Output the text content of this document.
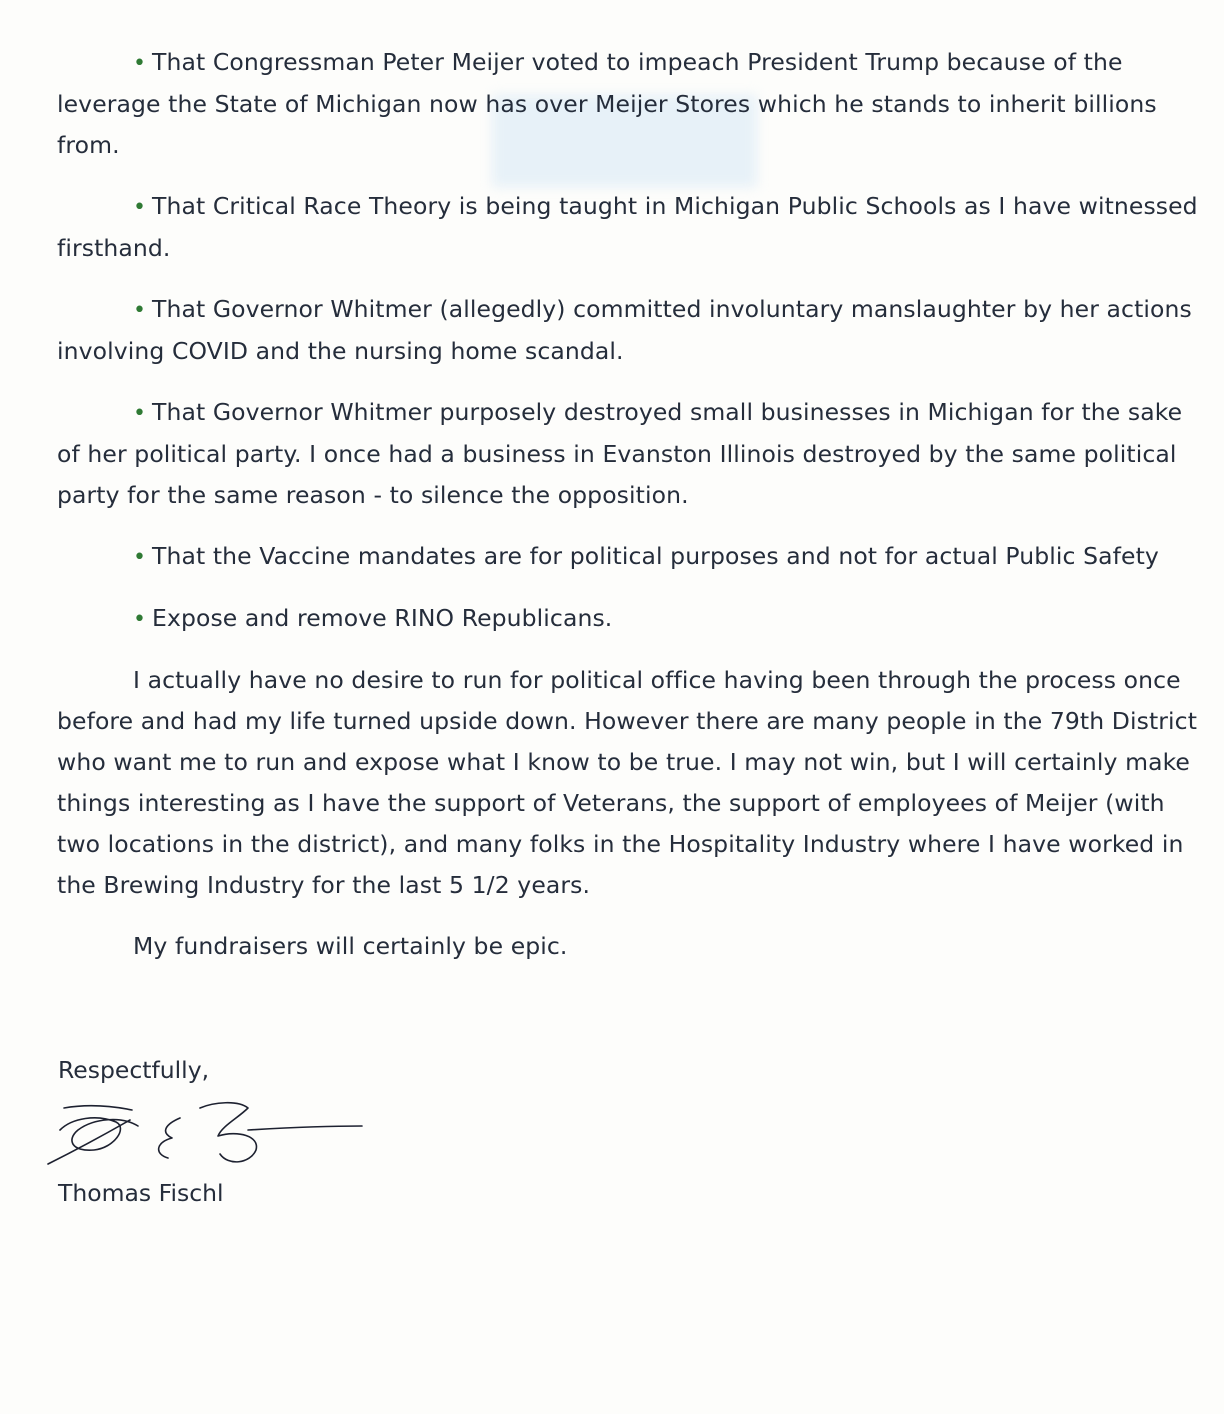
• That Congressman Peter Meijer voted to impeach President Trump because of the leverage the State of Michigan now has over Meijer Stores which he stands to inherit billions from.

• That Critical Race Theory is being taught in Michigan Public Schools as I have witnessed firsthand.

• That Governor Whitmer (allegedly) committed involuntary manslaughter by her actions involving COVID and the nursing home scandal.

• That Governor Whitmer purposely destroyed small businesses in Michigan for the sake of her political party. I once had a business in Evanston Illinois destroyed by the same political party for the same reason - to silence the opposition.

• That the Vaccine mandates are for political purposes and not for actual Public Safety

• Expose and remove RINO Republicans.

I actually have no desire to run for political office having been through the process once before and had my life turned upside down. However there are many people in the 79th District who want me to run and expose what I know to be true. I may not win, but I will certainly make things interesting as I have the support of Veterans, the support of employees of Meijer (with two locations in the district), and many folks in the Hospitality Industry where I have worked in the Brewing Industry for the last 5 1/2 years.

My fundraisers will certainly be epic.

Respectfully,

Thomas Fischl
